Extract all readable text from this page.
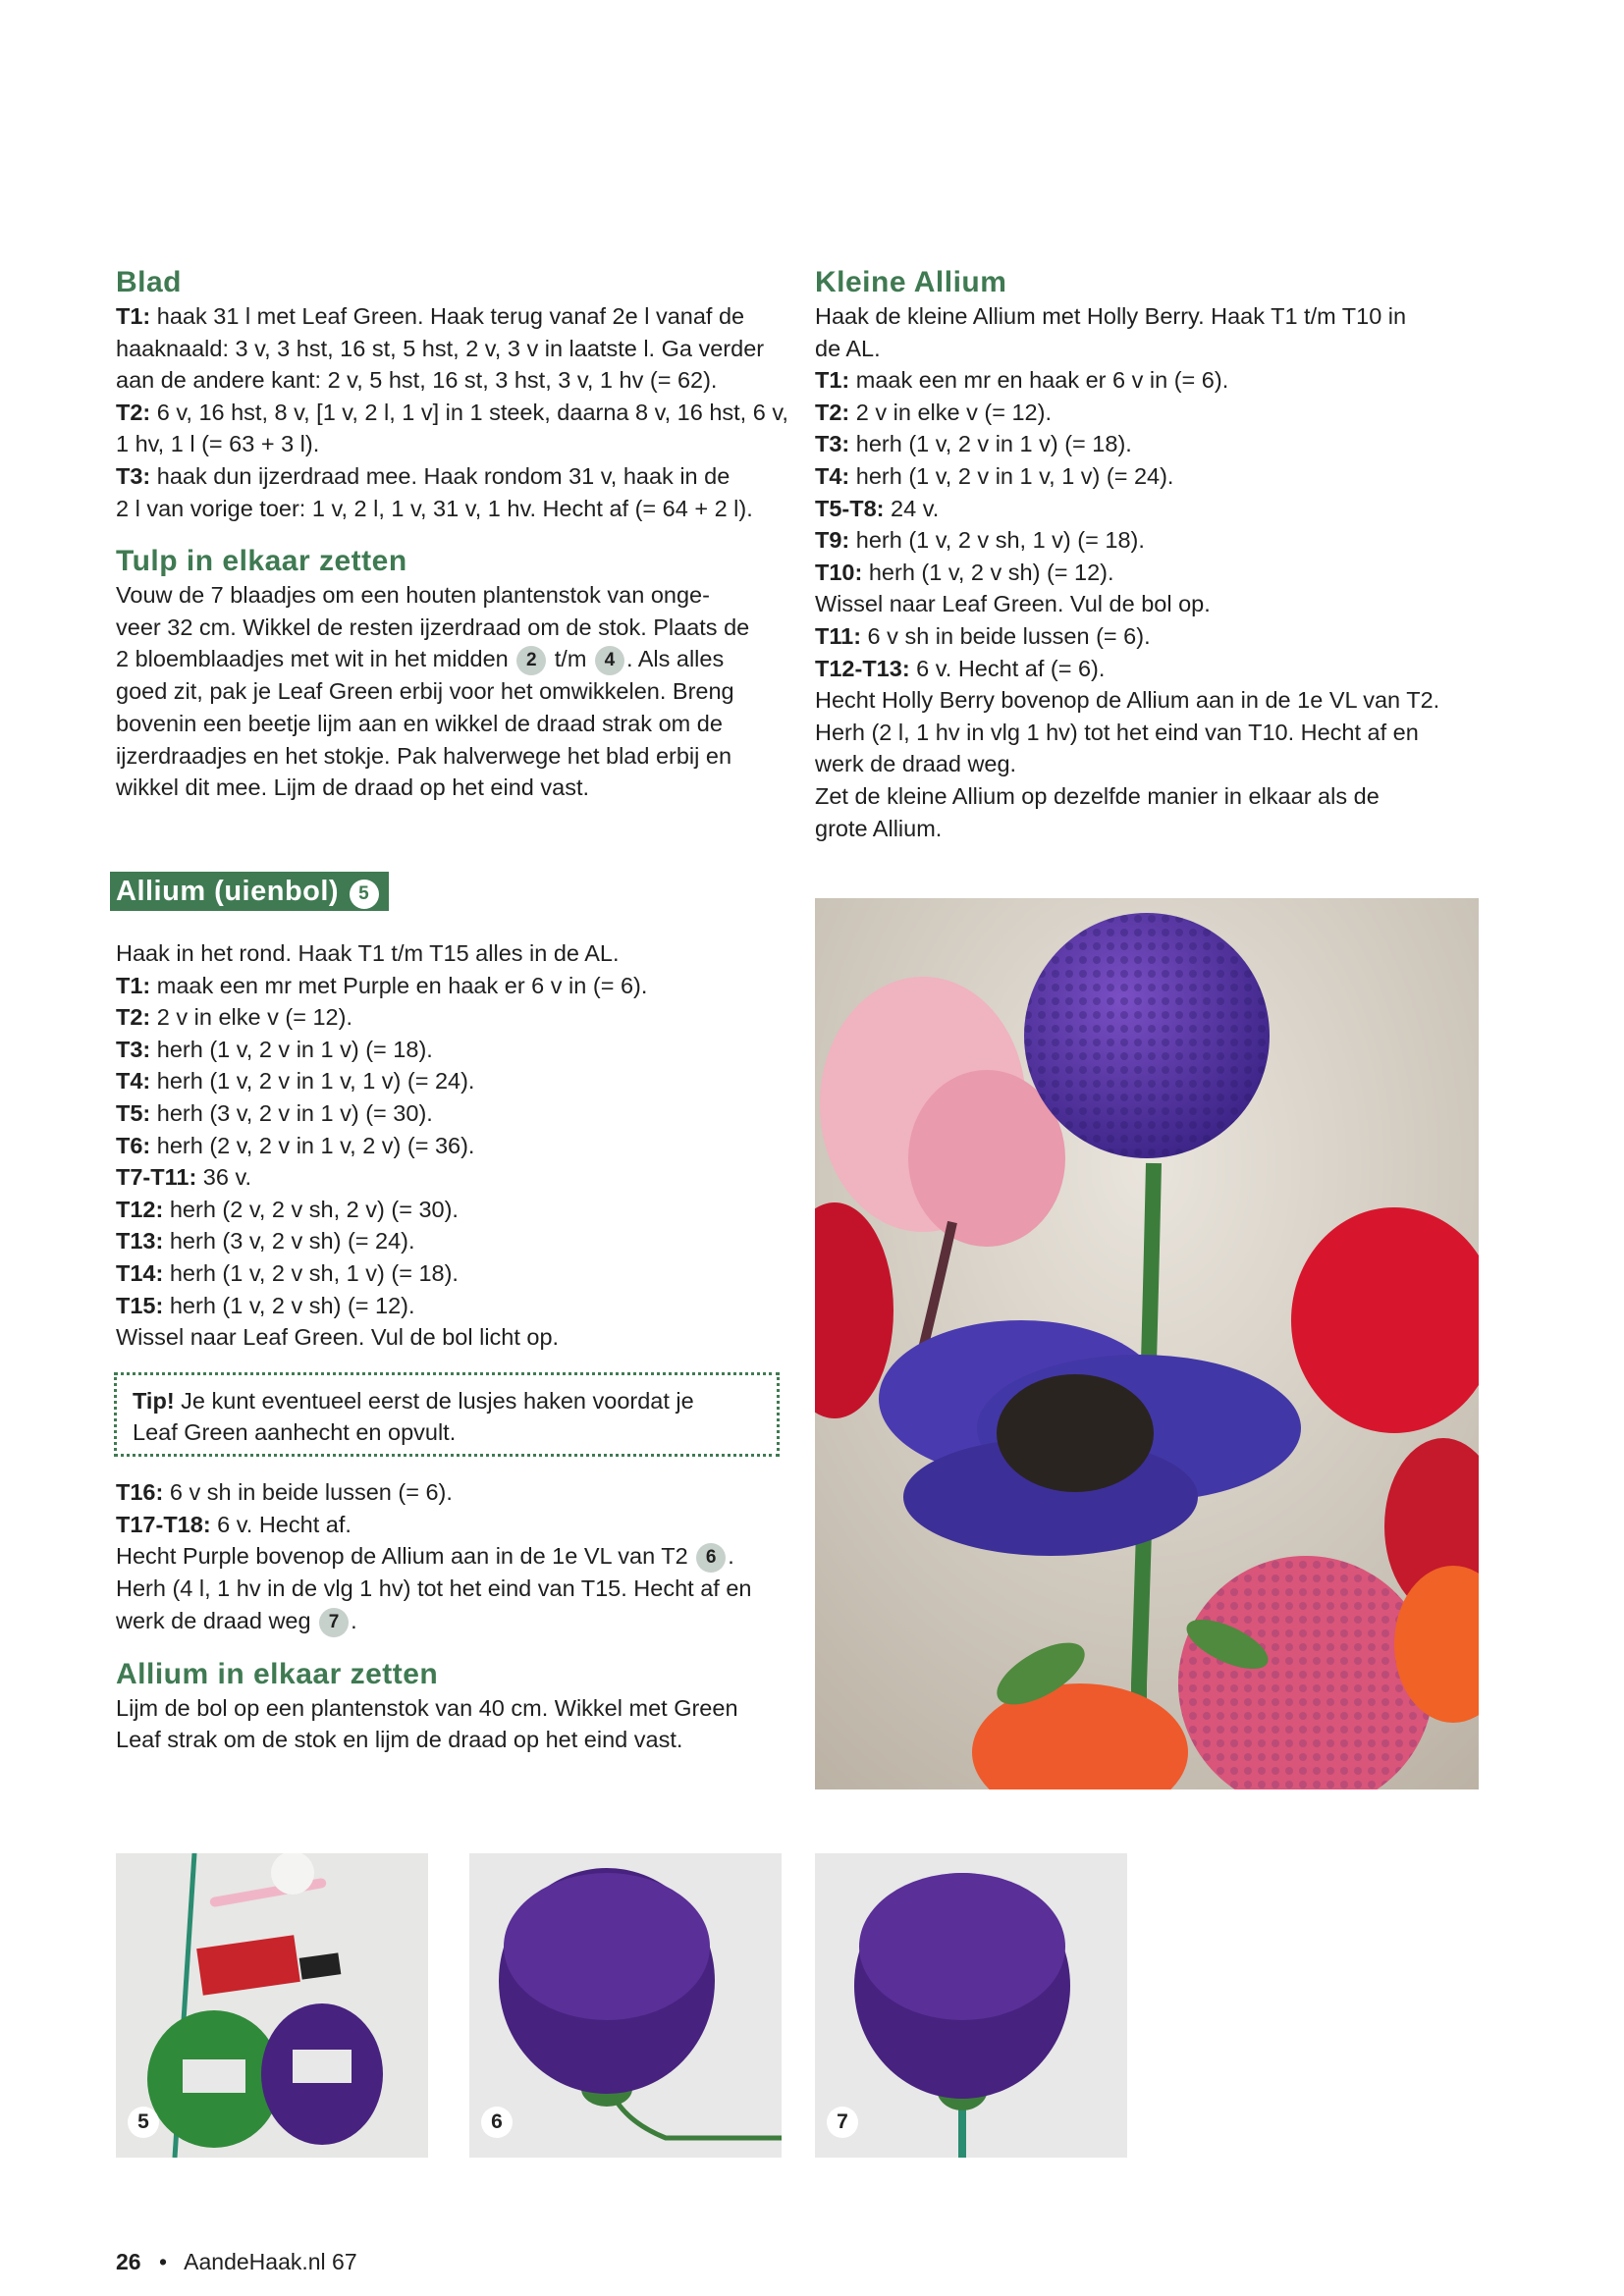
Blad

T1: haak 31 l met Leaf Green. Haak terug vanaf 2e l vanaf de

haaknaald: 3 v, 3 hst, 16 st, 5 hst, 2 v, 3 v in laatste l. Ga verder

aan de andere kant: 2 v, 5 hst, 16 st, 3 hst, 3 v, 1 hv (= 62).

T2: 6 v, 16 hst, 8 v, [1 v, 2 l, 1 v] in 1 steek, daarna 8 v, 16 hst, 6 v,

1 hv, 1 l (= 63 + 3 l).

T3: haak dun ijzerdraad mee. Haak rondom 31 v, haak in de

2 l van vorige toer: 1 v, 2 l, 1 v, 31 v, 1 hv. Hecht af (= 64 + 2 l).

Tulp in elkaar zetten

Vouw de 7 blaadjes om een houten plantenstok van onge-

veer 32 cm. Wikkel de resten ijzerdraad om de stok. Plaats de

2 bloemblaadjes met wit in het midden 2 t/m 4 . Als alles

goed zit, pak je Leaf Green erbij voor het omwikkelen. Breng

bovenin een beetje lijm aan en wikkel de draad strak om de

ijzerdraadjes en het stokje. Pak halverwege het blad erbij en

wikkel dit mee. Lijm de draad op het eind vast.

Allium (uienbol) 5

Haak in het rond. Haak T1 t/m T15 alles in de AL.

T1: maak een mr met Purple en haak er 6 v in (= 6).

T2: 2 v in elke v (= 12).

T3: herh (1 v, 2 v in 1 v) (= 18).

T4: herh (1 v, 2 v in 1 v, 1 v) (= 24).

T5: herh (3 v, 2 v in 1 v) (= 30).

T6: herh (2 v, 2 v in 1 v, 2 v) (= 36).

T7-T11: 36 v.

T12: herh (2 v, 2 v sh, 2 v) (= 30).

T13: herh (3 v, 2 v sh) (= 24).

T14: herh (1 v, 2 v sh, 1 v) (= 18).

T15: herh (1 v, 2 v sh) (= 12).

Wissel naar Leaf Green. Vul de bol licht op.

Tip! Je kunt eventueel eerst de lusjes haken voordat je
Leaf Green aanhecht en opvult.

T16: 6 v sh in beide lussen (= 6).

T17-T18: 6 v. Hecht af.

Hecht Purple bovenop de Allium aan in de 1e VL van T2 6 .

Herh (4 l, 1 hv in de vlg 1 hv) tot het eind van T15. Hecht af en

werk de draad weg 7 .

Allium in elkaar zetten

Lijm de bol op een plantenstok van 40 cm. Wikkel met Green

Leaf strak om de stok en lijm de draad op het eind vast.

Kleine Allium

Haak de kleine Allium met Holly Berry. Haak T1 t/m T10 in

de AL.

T1: maak een mr en haak er 6 v in (= 6).

T2: 2 v in elke v (= 12).

T3: herh (1 v, 2 v in 1 v) (= 18).

T4: herh (1 v, 2 v in 1 v, 1 v) (= 24).

T5-T8: 24 v.

T9: herh (1 v, 2 v sh, 1 v) (= 18).

T10: herh (1 v, 2 v sh) (= 12).

Wissel naar Leaf Green. Vul de bol op.

T11: 6 v sh in beide lussen (= 6).

T12-T13: 6 v. Hecht af (= 6).

Hecht Holly Berry bovenop de Allium aan in de 1e VL van T2.

Herh (2 l, 1 hv in vlg 1 hv) tot het eind van T10. Hecht af en

werk de draad weg.

Zet de kleine Allium op dezelfde manier in elkaar als de

grote Allium.

5	6	7
26 • AandeHaak.nl 67
